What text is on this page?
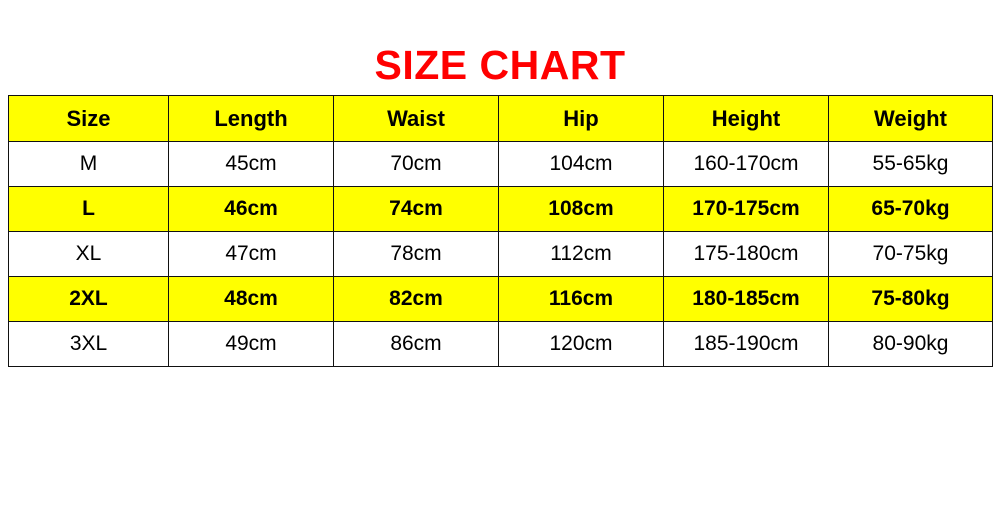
SIZE CHART
Size	Length	Waist	Hip	Height	Weight
M	45cm	70cm	104cm	160-170cm	55-65kg
L	46cm	74cm	108cm	170-175cm	65-70kg
XL	47cm	78cm	112cm	175-180cm	70-75kg
2XL	48cm	82cm	116cm	180-185cm	75-80kg
3XL	49cm	86cm	120cm	185-190cm	80-90kg
